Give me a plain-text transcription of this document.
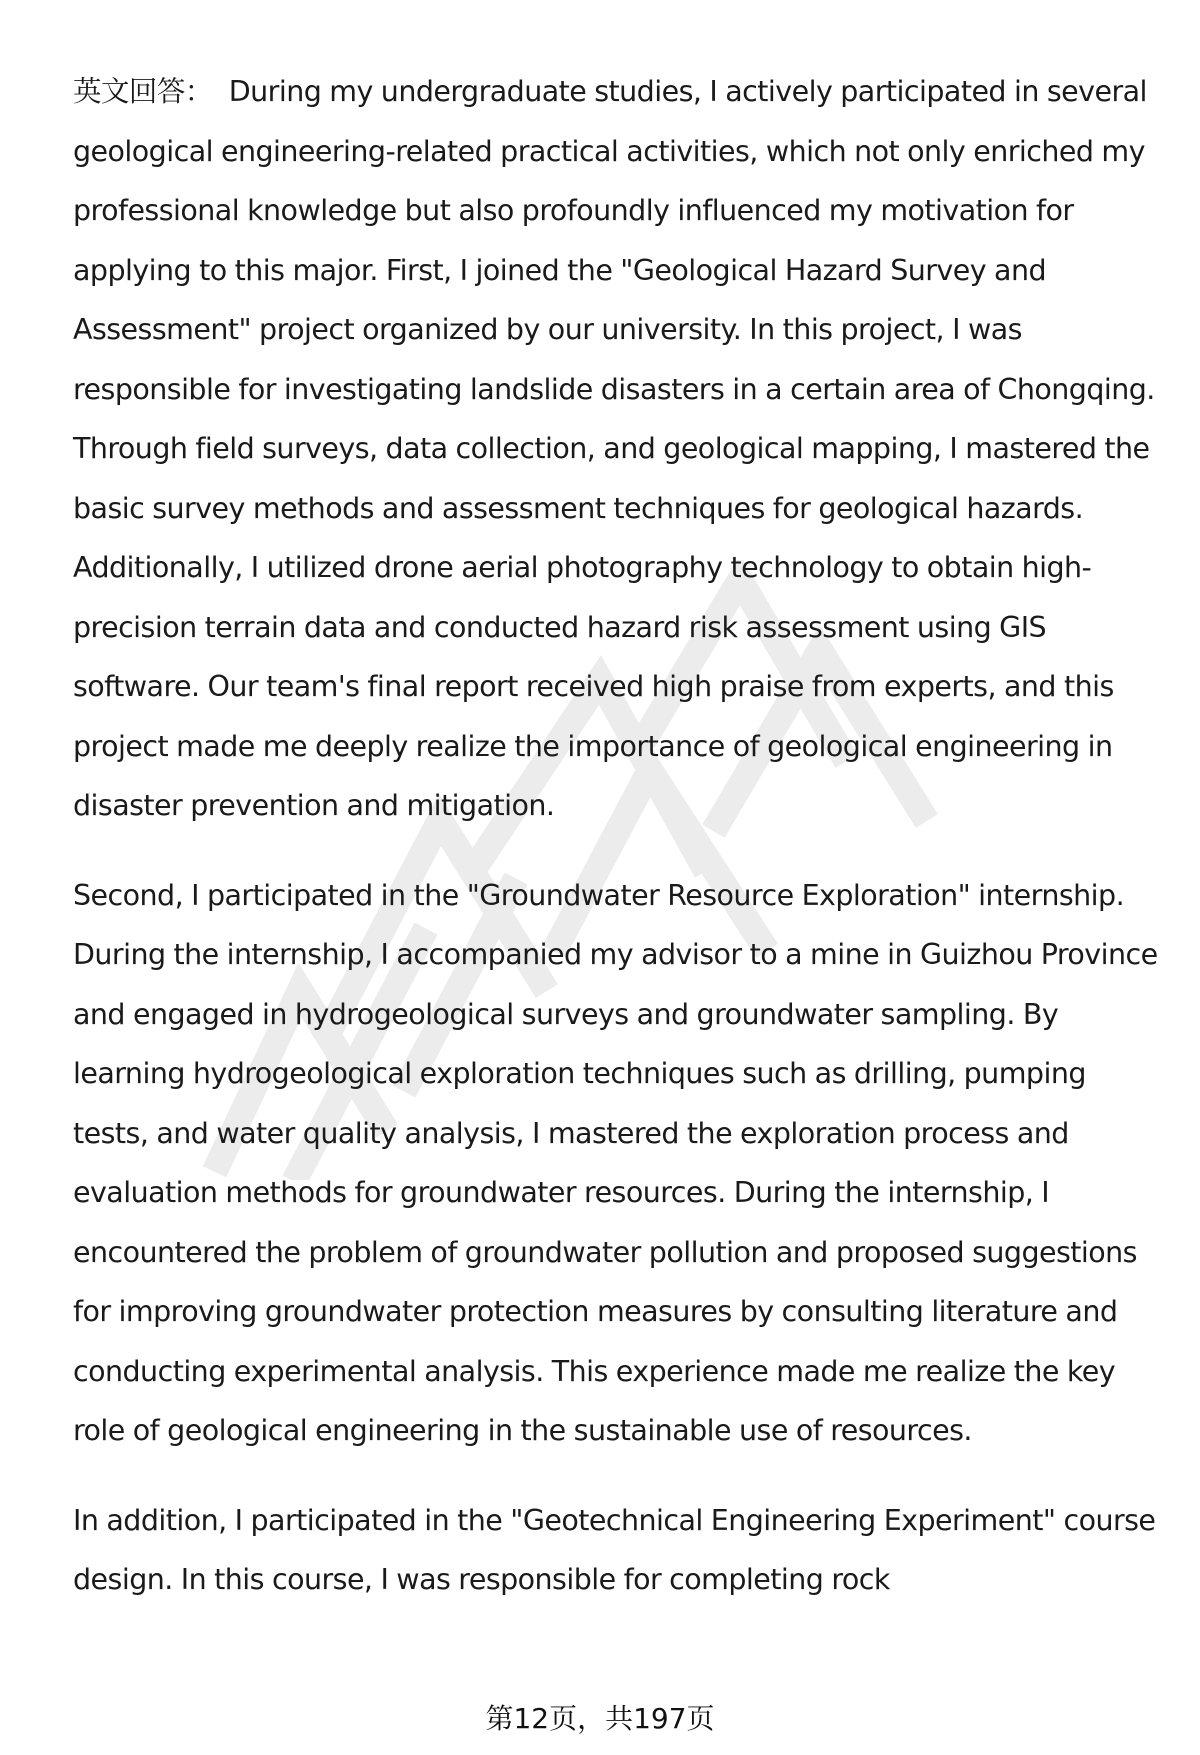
英文回答： During my undergraduate studies, I actively participated in several geological engineering-related practical activities, which not only enriched my professional knowledge but also profoundly influenced my motivation for applying to this major. First, I joined the "Geological Hazard Survey and Assessment" project organized by our university. In this project, I was responsible for investigating landslide disasters in a certain area of Chongqing. Through field surveys, data collection, and geological mapping, I mastered the basic survey methods and assessment techniques for geological hazards. Additionally, I utilized drone aerial photography technology to obtain high-precision terrain data and conducted hazard risk assessment using GIS software. Our team's final report received high praise from experts, and this project made me deeply realize the importance of geological engineering in disaster prevention and mitigation.

Second, I participated in the "Groundwater Resource Exploration" internship. During the internship, I accompanied my advisor to a mine in Guizhou Province and engaged in hydrogeological surveys and groundwater sampling. By learning hydrogeological exploration techniques such as drilling, pumping tests, and water quality analysis, I mastered the exploration process and evaluation methods for groundwater resources. During the internship, I encountered the problem of groundwater pollution and proposed suggestions for improving groundwater protection measures by consulting literature and conducting experimental analysis. This experience made me realize the key role of geological engineering in the sustainable use of resources.

In addition, I participated in the "Geotechnical Engineering Experiment" course design. In this course, I was responsible for completing rock

第12页，共197页
